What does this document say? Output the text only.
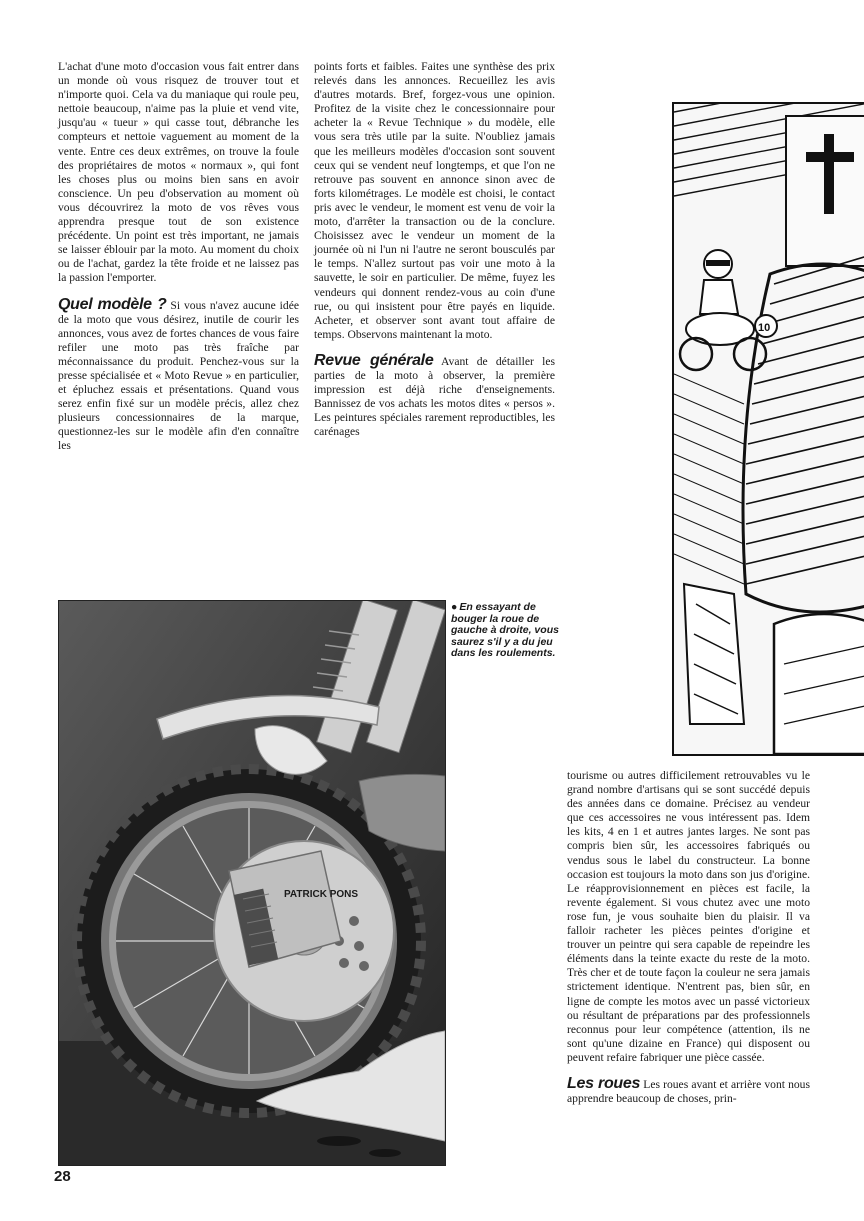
L'achat d'une moto d'occasion vous fait entrer dans un monde où vous risquez de trouver tout et n'importe quoi. Cela va du maniaque qui roule peu, nettoie beaucoup, n'aime pas la pluie et vend vite, jusqu'au « tueur » qui casse tout, débranche les compteurs et nettoie vaguement au moment de la vente. Entre ces deux extrêmes, on trouve la foule des propriétaires de motos « normaux », qui font les choses plus ou moins bien sans en avoir conscience. Un peu d'observation au moment où vous découvrirez la moto de vos rêves vous apprendra presque tout de son existence précédente. Un point est très important, ne jamais se laisser éblouir par la moto. Au moment du choix ou de l'achat, gardez la tête froide et ne laissez pas la passion l'emporter.

Quel modèle ? Si vous n'avez aucune idée de la moto que vous désirez, inutile de courir les annonces, vous avez de fortes chances de vous faire refiler une moto pas très fraîche par méconnaissance du produit. Penchez-vous sur la presse spécialisée et « Moto Revue » en particulier, et épluchez essais et présentations. Quand vous serez enfin fixé sur un modèle précis, allez chez plusieurs concessionnaires de la marque, questionnez-les sur le modèle afin d'en connaître les

points forts et faibles. Faites une synthèse des prix relevés dans les annonces. Recueillez les avis d'autres motards. Bref, forgez-vous une opinion. Profitez de la visite chez le concessionnaire pour acheter la « Revue Technique » du modèle, elle vous sera très utile par la suite. N'oubliez jamais que les meilleurs modèles d'occasion sont souvent ceux qui se vendent neuf longtemps, et que l'on ne retrouve pas souvent en annonce sinon avec de forts kilométrages. Le modèle est choisi, le contact pris avec le vendeur, le moment est venu de voir la moto, d'arrêter la transaction ou de la conclure. Choisissez avec le vendeur un moment de la journée où ni l'un ni l'autre ne seront bousculés par le temps. N'allez surtout pas voir une moto à la sauvette, le soir en particulier. De même, fuyez les vendeurs qui donnent rendez-vous au coin d'une rue, ou qui insistent pour être payés en liquide. Acheter, et observer sont avant tout affaire de temps. Observons maintenant la moto.

Revue générale Avant de détailler les parties de la moto à observer, la première impression est déjà riche d'enseignements. Bannissez de vos achats les motos dites « persos ». Les peintures spéciales rarement reproductibles, les carénages

PATRICK PONS
● En essayant de bouger la roue de gauche à droite, vous saurez s'il y a du jeu dans les roulements.
10

tourisme ou autres difficilement retrouvables vu le grand nombre d'artisans qui se sont succédé depuis des années dans ce domaine. Précisez au vendeur que ces accessoires ne vous intéressent pas. Idem les kits, 4 en 1 et autres jantes larges. Ne sont pas compris bien sûr, les accessoires fabriqués ou vendus sous le label du constructeur. La bonne occasion est toujours la moto dans son jus d'origine. Le réapprovisionnement en pièces est facile, la revente également. Si vous chutez avec une moto rose fun, je vous souhaite bien du plaisir. Il va falloir racheter les pièces peintes d'origine et trouver un peintre qui sera capable de repeindre les éléments dans la teinte exacte du reste de la moto. Très cher et de toute façon la couleur ne sera jamais strictement identique. N'entrent pas, bien sûr, en ligne de compte les motos avec un passé victorieux ou résultant de préparations par des professionnels reconnus pour leur compétence (attention, ils ne sont qu'une dizaine en France) qui disposent ou peuvent refaire fabriquer une pièce cassée.

Les roues Les roues avant et arrière vont nous apprendre beaucoup de choses, prin-

28
